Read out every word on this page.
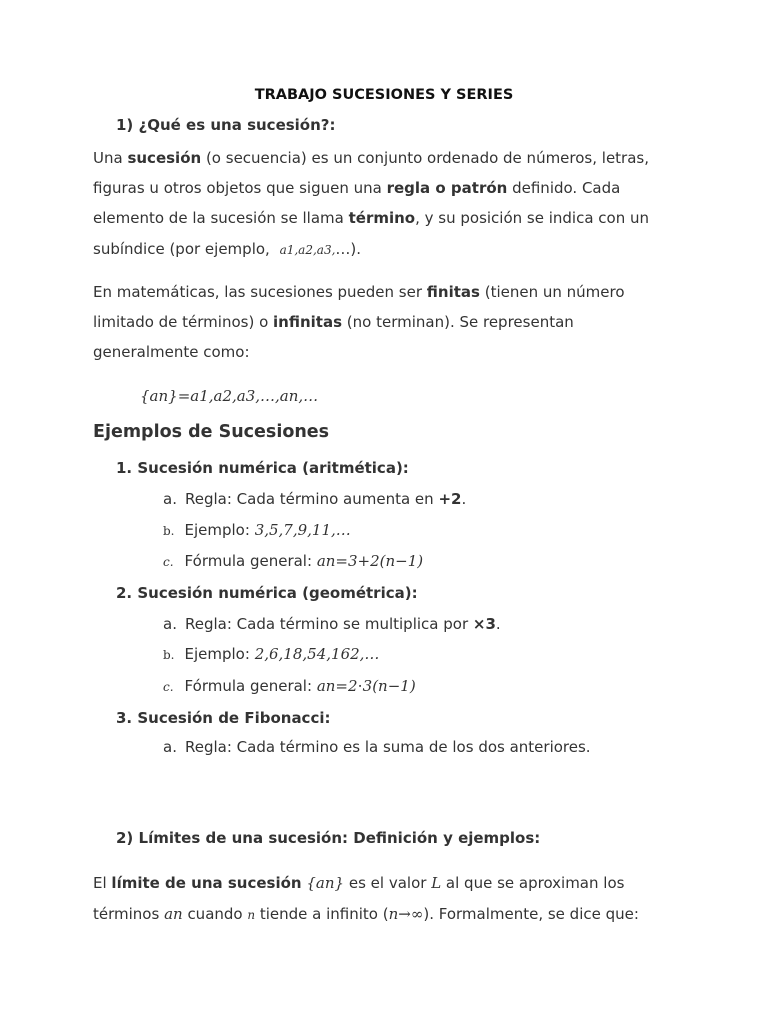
TRABAJO SUCESIONES Y SERIES
1) ¿Qué es una sucesión?:
Una sucesión (o secuencia) es un conjunto ordenado de números, letras,
figuras u otros objetos que siguen una regla o patrón definido. Cada
elemento de la sucesión se llama término, y su posición se indica con un
subíndice (por ejemplo, a1,a2,a3,…).
En matemáticas, las sucesiones pueden ser finitas (tienen un número
limitado de términos) o infinitas (no terminan). Se representan
generalmente como:
{an}=a1,a2,a3,…,an,…
Ejemplos de Sucesiones
1. Sucesión numérica (aritmética):
a. Regla: Cada término aumenta en +2.
b. Ejemplo: 3,5,7,9,11,…
c. Fórmula general: an=3+2(n−1)
2. Sucesión numérica (geométrica):
a. Regla: Cada término se multiplica por ×3.
b. Ejemplo: 2,6,18,54,162,…
c. Fórmula general: an=2⋅3(n−1)
3. Sucesión de Fibonacci:
a. Regla: Cada término es la suma de los dos anteriores.
2) Límites de una sucesión: Definición y ejemplos:
El límite de una sucesión {an} es el valor L al que se aproximan los
términos an cuando n tiende a infinito (n→∞). Formalmente, se dice que:
